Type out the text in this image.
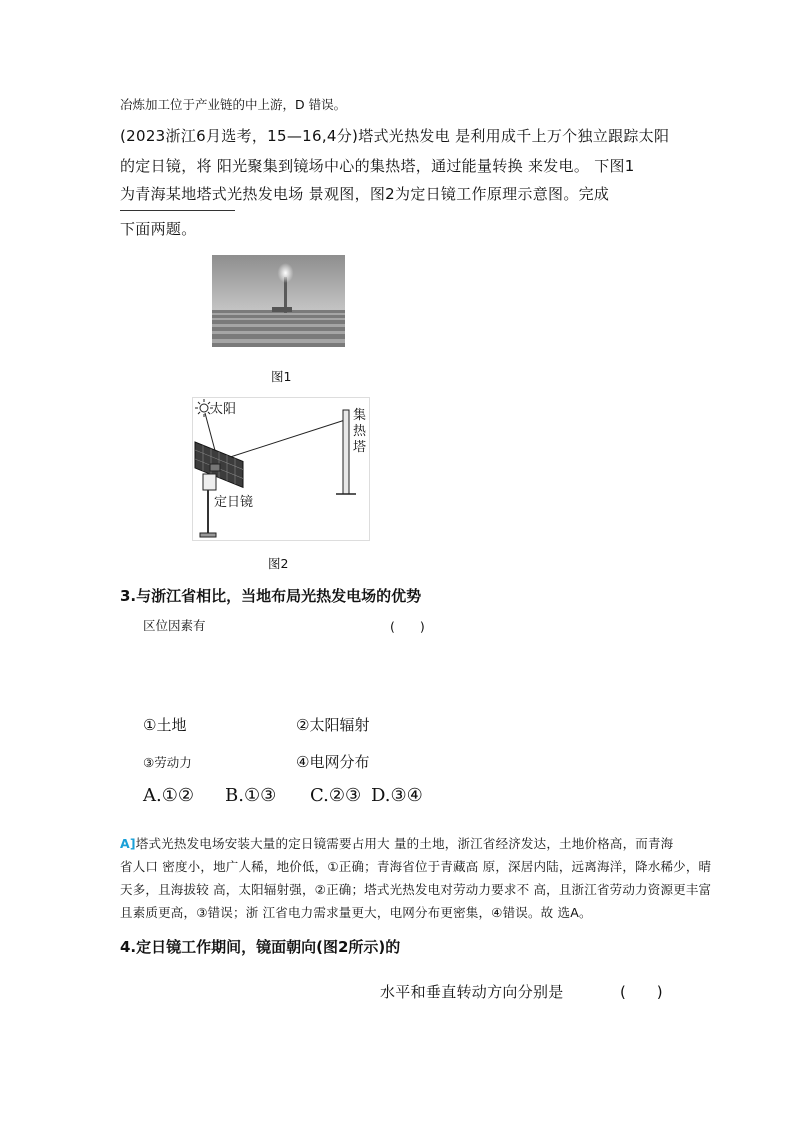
冶炼加工位于产业链的中上游，D 错误。
(2023浙江6月选考，15—16,4分)塔式光热发电 是利用成千上万个独立跟踪太阳
的定日镜，将 阳光聚集到镜场中心的集热塔，通过能量转换 来发电。 下图1
为青海某地塔式光热发电场 景观图，图2为定日镜工作原理示意图。完成
下面两题。
图1
太阳	集
热
塔
定日镜
图2
3.与浙江省相比，当地布局光热发电场的优势
区位因素有	(　　)
①土地	②太阳辐射
③劳动力	④电网分布
A.①② B.①③ C.②③ D.③④
A]塔式光热发电场安装大量的定日镜需要占用大 量的土地，浙江省经济发达，土地价格高，而青海
省人口 密度小，地广人稀，地价低，①正确；青海省位于青藏高 原，深居内陆，远离海洋，降水稀少，晴
天多，且海拔较 高，太阳辐射强，②正确；塔式光热发电对劳动力要求不 高，且浙江省劳动力资源更丰富
且素质更高，③错误；浙 江省电力需求量更大，电网分布更密集，④错误。故 选A。
4.定日镜工作期间，镜面朝向(图2所示)的
水平和垂直转动方向分别是	(　　)
